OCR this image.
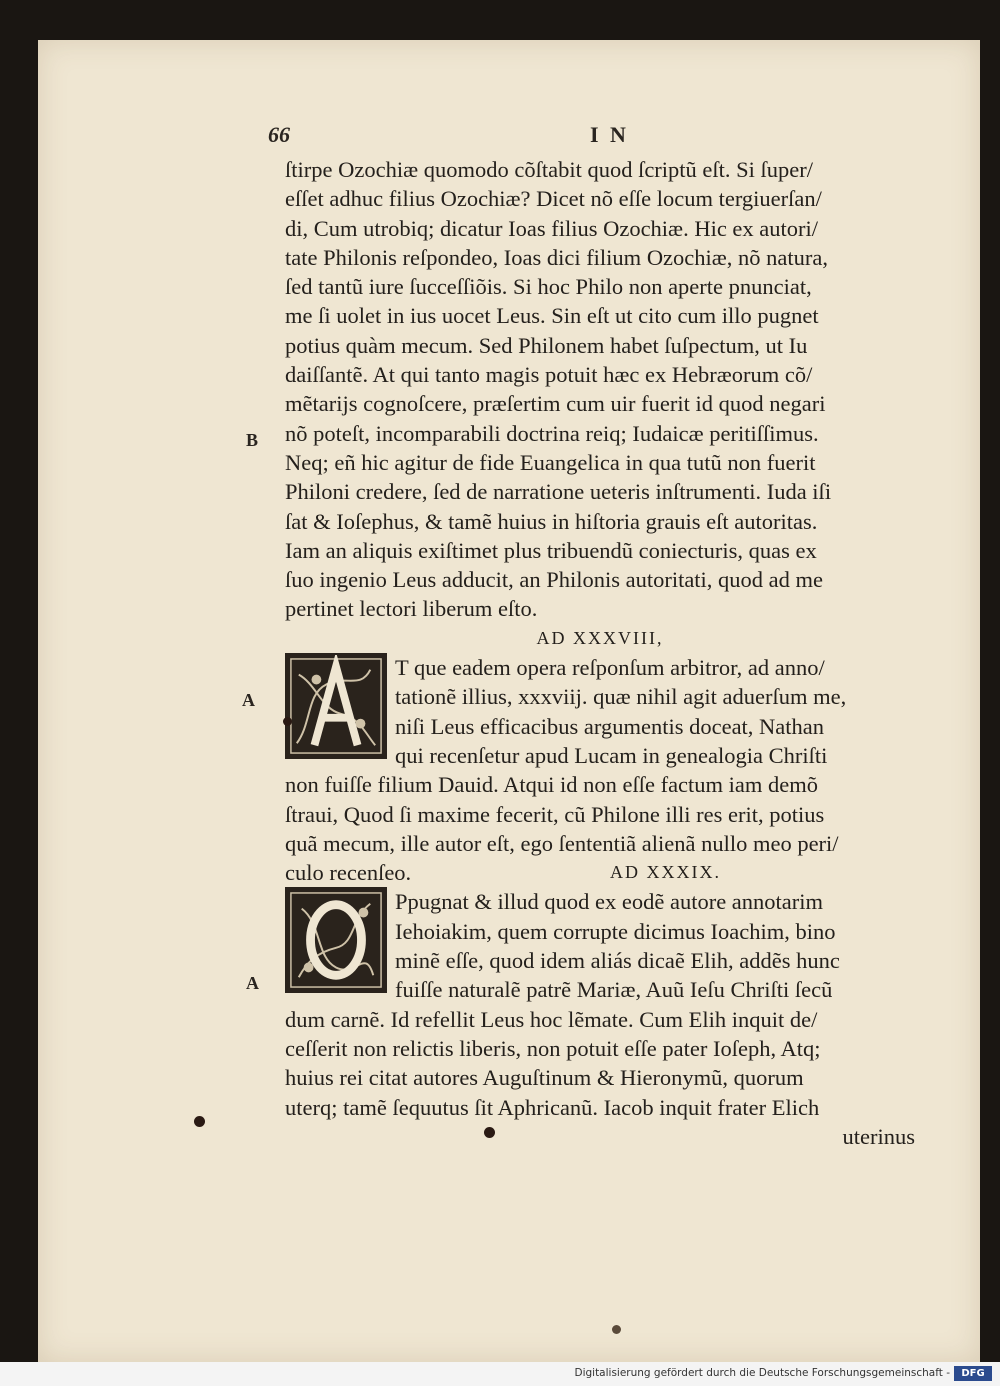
66	I N
ſtirpe Ozochiæ quomodo cõſtabit quod ſcriptũ eſt. Si ſuper/
eſſet adhuc filius Ozochiæ? Dicet nõ eſſe locum tergiuerſan/
di, Cum utrobiq; dicatur Ioas filius Ozochiæ. Hic ex autori/
tate Philonis reſpondeo, Ioas dici filium Ozochiæ, nõ natura,
ſed tantũ iure ſucceſſiõis. Si hoc Philo non aperte pnunciat,
me ſi uolet in ius uocet Leus. Sin eſt ut cito cum illo pugnet
potius quàm mecum. Sed Philonem habet ſuſpectum, ut Iu
daiſſantẽ. At qui tanto magis potuit hæc ex Hebræorum cõ/
mẽtarijs cognoſcere, præſertim cum uir fuerit id quod negari
nõ poteſt, incomparabili doctrina reiq; Iudaicæ peritiſſimus.
Neq; eñ hic agitur de fide Euangelica in qua tutũ non fuerit
Philoni credere, ſed de narratione ueteris inſtrumenti. Iuda iſi
ſat & Ioſephus, & tamẽ huius in hiſtoria grauis eſt autoritas.
Iam an aliquis exiſtimet plus tribuendũ coniecturis, quas ex
ſuo ingenio Leus adducit, an Philonis autoritati, quod ad me
pertinet lectori liberum eſto.
AD XXXVIII,
T que eadem opera reſponſum arbitror, ad anno/
tationẽ illius, xxxviij. quæ nihil agit aduerſum me,
niſi Leus efficacibus argumentis doceat, Nathan
qui recenſetur apud Lucam in genealogia Chriſti
non fuiſſe filium Dauid. Atqui id non eſſe factum iam demõ
ſtraui, Quod ſi maxime fecerit, cũ Philone illi res erit, potius
quã mecum, ille autor eſt, ego ſententiã alienã nullo meo peri/
culo recenſeo.	AD XXXIX.
Ppugnat & illud quod ex eodẽ autore annotarim
Iehoiakim, quem corrupte dicimus Ioachim, bino
minẽ eſſe, quod idem aliás dicaẽ Elih, addẽs hunc
fuiſſe naturalẽ patrẽ Mariæ, Auũ Ieſu Chriſti ſecũ
dum carnẽ. Id refellit Leus hoc lẽmate. Cum Elih inquit de/
ceſſerit non relictis liberis, non potuit eſſe pater Ioſeph, Atq;
huius rei citat autores Auguſtinum & Hieronymũ, quorum
uterq; tamẽ ſequutus ſit Aphricanũ. Iacob inquit frater Elich
uterinus
B
A
A
Digitalisierung gefördert durch die Deutsche Forschungsgemeinschaft -	DFG
